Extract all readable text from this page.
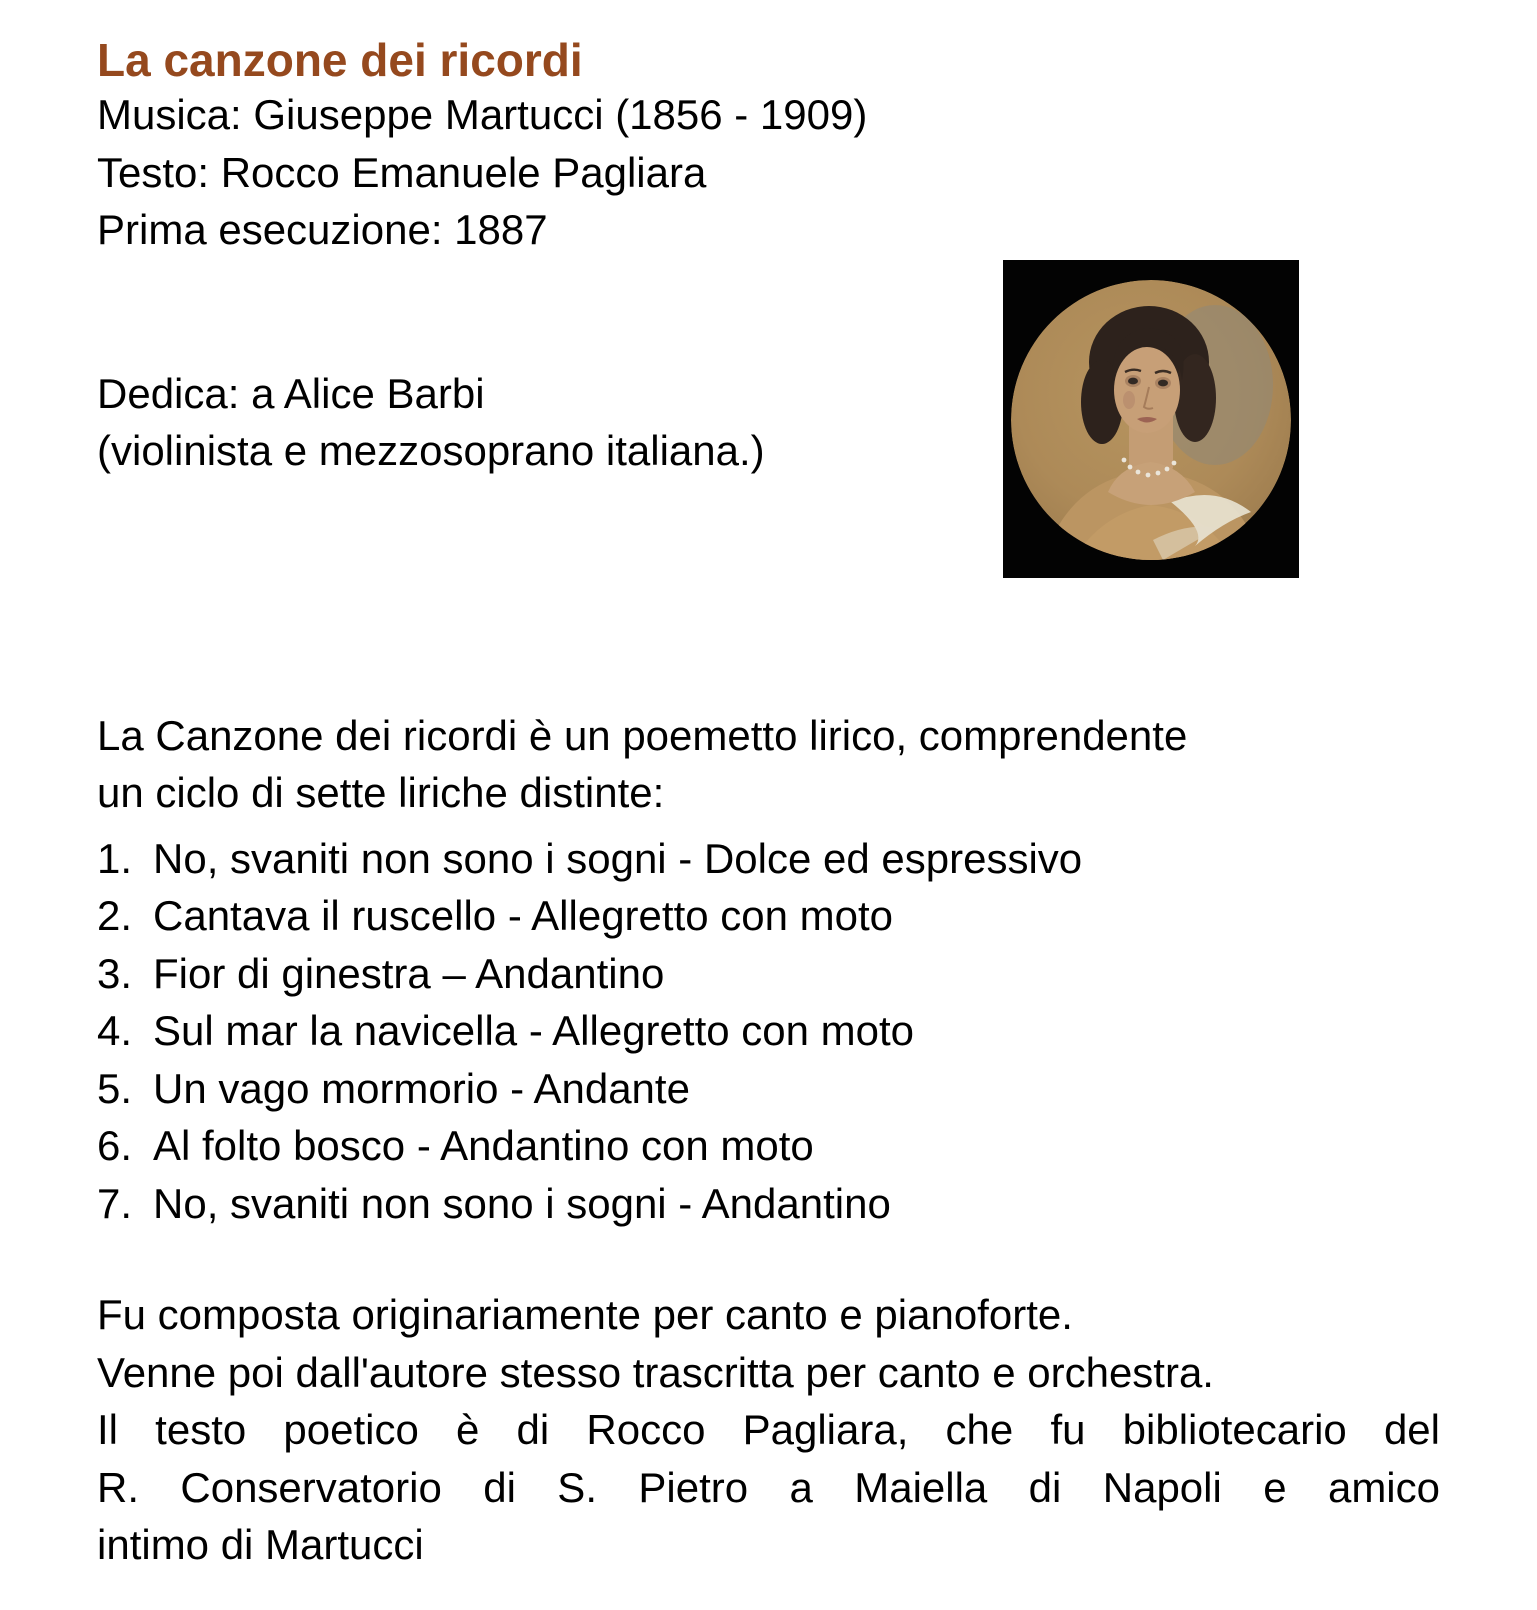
La canzone dei ricordi
Musica: Giuseppe Martucci (1856 - 1909)
Testo: Rocco Emanuele Pagliara
Prima esecuzione: 1887
Dedica: a Alice Barbi
(violinista e mezzosoprano italiana.)
La Canzone dei ricordi è un poemetto lirico, comprendente
un ciclo di sette liriche distinte:
1. No, svaniti non sono i sogni - Dolce ed espressivo
2. Cantava il ruscello - Allegretto con moto
3. Fior di ginestra – Andantino
4. Sul mar la navicella - Allegretto con moto
5. Un vago mormorio - Andante
6. Al folto bosco - Andantino con moto
7. No, svaniti non sono i sogni - Andantino
Fu composta originariamente per canto e pianoforte.
Venne poi dall'autore stesso trascritta per canto e orchestra.
Il testo poetico è di Rocco Pagliara, che fu bibliotecario del
R. Conservatorio di S. Pietro a Maiella di Napoli e amico
intimo di Martucci
